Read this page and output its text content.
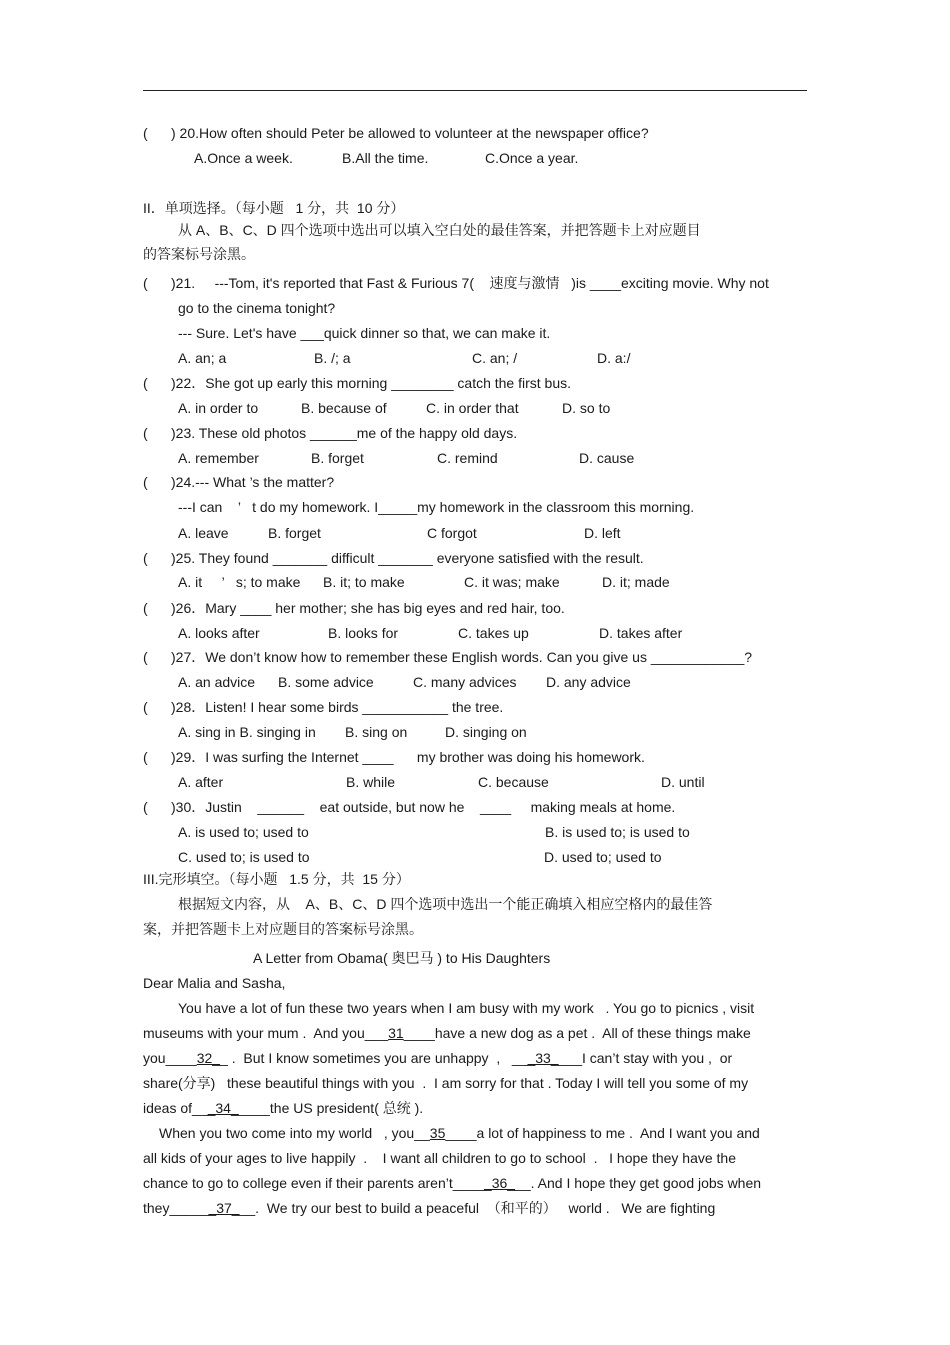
(      ) 20.How often should Peter be allowed to volunteer at the newspaper office?
A.Once a week.	B.All the time.	C.Once a year.
II．单项选择。（每小题   1 分，共  10 分）
从 A、B、C、D 四个选项中选出可以填入空白处的最佳答案，并把答题卡上对应题目
的答案标号涂黑。
(      )21.     ---Tom, it's reported that Fast & Furious 7(    速度与激情   )is ____exciting movie. Why not
go to the cinema tonight?
--- Sure. Let's have ___quick dinner so that, we can make it.
A. an; a	B. /; a	C. an; /	D. a:/
(      )22．She got up early this morning ________ catch the first bus.
A. in order to	B. because of	C. in order that	D. so to
(      )23. These old photos ______me of the happy old days.
A. remember	B. forget	C. remind	D. cause
(      )24.--- What ’s the matter?
---I can    ’   t do my homework. I_____my homework in the classroom this morning.
A. leave	B. forget	C forgot	D. left
(      )25. They found _______ difficult _______ everyone satisfied with the result.
A. it     ’   s; to make B. it; to make	C. it was; make	D. it; made
(      )26．Mary ____ her mother; she has big eyes and red hair, too.
A. looks after	B. looks for	C. takes up	D. takes after
(      )27．We don’t know how to remember these English words. Can you give us ____________?
A. an advice B. some advice	C. many advices D. any advice
(      )28．Listen! I hear some birds ___________ the tree.
A. sing in B. singing in B. sing on	D. singing on
(      )29．I was surfing the Internet ____      my brother was doing his homework.
A. after	B. while	C. because	D. until
(      )30．Justin    ______    eat outside, but now he    ____     making meals at home.
A. is used to; used to	B. is used to; is used to
C. used to; is used to	D. used to; used to
III.完形填空。（每小题   1.5 分，共  15 分）
根据短文内容，从    A、B、C、D 四个选项中选出一个能正确填入相应空格内的最佳答
案，并把答题卡上对应题目的答案标号涂黑。
A Letter from Obama( 奥巴马 ) to His Daughters
Dear Malia and Sasha,
You have a lot of fun these two years when I am busy with my work   . You go to picnics , visit
museums with your mum .  And you___31____have a new dog as a pet .  All of these things make
you____32__ .  But I know sometimes you are unhappy  ,   ___33____I can’t stay with you ,  or
share(分享)   these beautiful things with you  .  I am sorry for that . Today I will tell you some of my
ideas of___34_____the US president( 总统 ).
When you two come into my world   , you__35____a lot of happiness to me .  And I want you and
all kids of your ages to live happily  .    I want all children to go to school  .   I hope they have the
chance to go to college even if their parents aren’t_____36___. And I hope they get good jobs when
they______37___.  We try our best to build a peaceful  （和平的）   world .   We are fighting
